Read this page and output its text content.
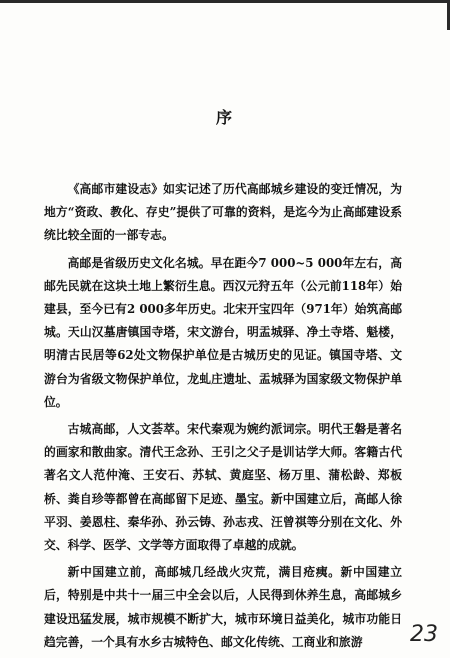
序

《高邮市建设志》如实记述了历代高邮城乡建设的变迁情况，为地方“资政、教化、存史”提供了可靠的资料，是迄今为止高邮建设系统比较全面的一部专志。

高邮是省级历史文化名城。早在距今7 000~5 000年左右，高邮先民就在这块土地上繁衍生息。西汉元狩五年（公元前118年）始建县，至今已有2 000多年历史。北宋开宝四年（971年）始筑高邮城。天山汉墓唐镇国寺塔，宋文游台，明盂城驿、净土寺塔、魁楼，明清古民居等62处文物保护单位是古城历史的见证。镇国寺塔、文游台为省级文物保护单位，龙虬庄遗址、盂城驿为国家级文物保护单位。

古城高邮，人文荟萃。宋代秦观为婉约派词宗。明代王磐是著名的画家和散曲家。清代王念孙、王引之父子是训诂学大师。客籍古代著名文人范仲淹、王安石、苏轼、黄庭坚、杨万里、蒲松龄、郑板桥、粪自珍等都曾在高邮留下足迹、墨宝。新中国建立后，高邮人徐平羽、姜恩柱、秦华孙、孙云铸、孙志戎、汪曾祺等分别在文化、外交、科学、医学、文学等方面取得了卓越的成就。

新中国建立前，高邮城几经战火灾荒，满目疮痍。新中国建立后，特别是中共十一届三中全会以后，人民得到休养生息，高邮城乡建设迅猛发展，城市规模不断扩大，城市环境日益美化，城市功能日趋完善，一个具有水乡古城特色、邮文化传统、工商业和旅游	23
